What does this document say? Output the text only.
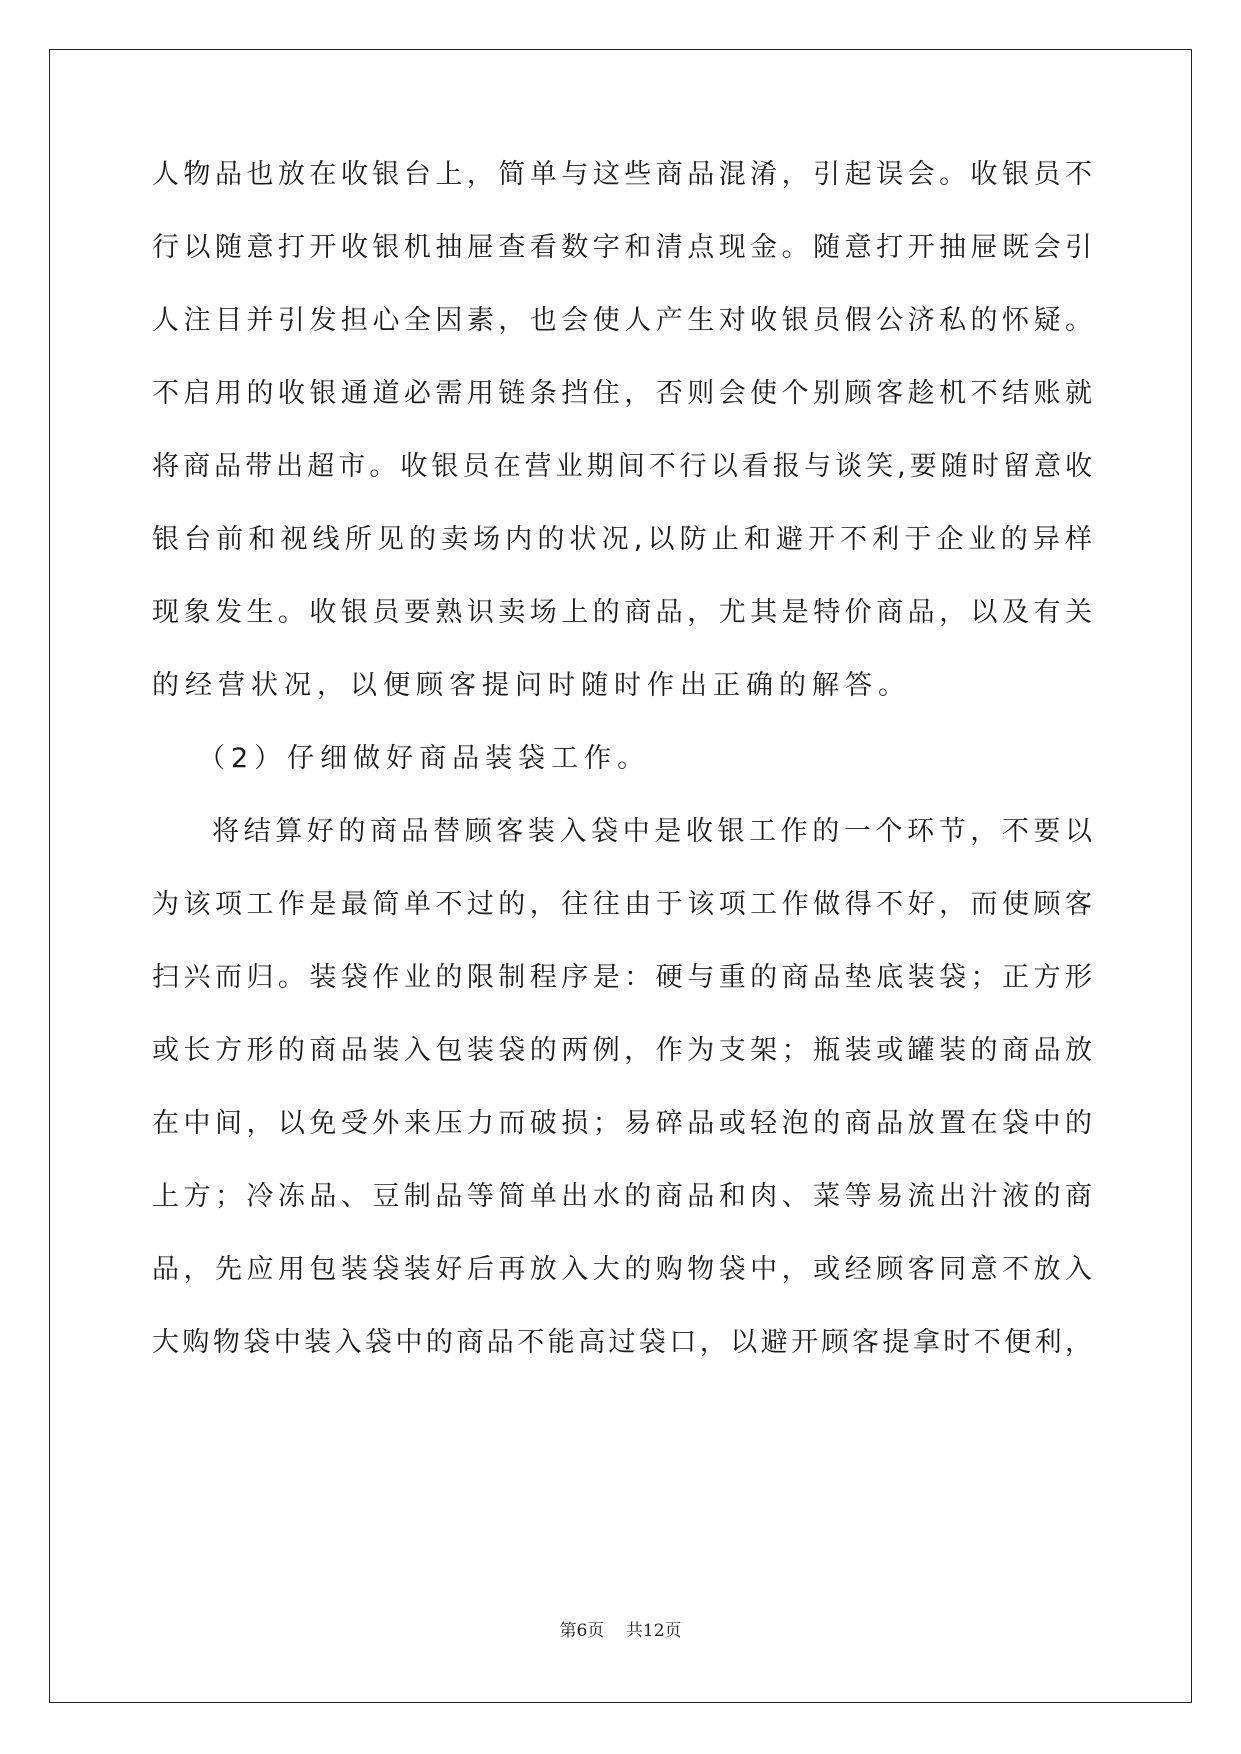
人物品也放在收银台上，简单与这些商品混淆，引起误会。收银员不
行以随意打开收银机抽屉查看数字和清点现金。随意打开抽屉既会引
人注目并引发担心全因素，也会使人产生对收银员假公济私的怀疑。
不启用的收银通道必需用链条挡住，否则会使个别顾客趁机不结账就
将商品带出超市。收银员在营业期间不行以看报与谈笑,要随时留意收
银台前和视线所见的卖场内的状况,以防止和避开不利于企业的异样
现象发生。收银员要熟识卖场上的商品，尤其是特价商品，以及有关
的经营状况，以便顾客提问时随时作出正确的解答。
（2）仔细做好商品装袋工作。
将结算好的商品替顾客装入袋中是收银工作的一个环节，不要以
为该项工作是最简单不过的，往往由于该项工作做得不好，而使顾客
扫兴而归。装袋作业的限制程序是：硬与重的商品垫底装袋；正方形
或长方形的商品装入包装袋的两例，作为支架；瓶装或罐装的商品放
在中间，以免受外来压力而破损；易碎品或轻泡的商品放置在袋中的
上方；冷冻品、豆制品等简单出水的商品和肉、菜等易流出汁液的商
品，先应用包装袋装好后再放入大的购物袋中，或经顾客同意不放入
大购物袋中装入袋中的商品不能高过袋口，以避开顾客提拿时不便利，
第6页    共12页
